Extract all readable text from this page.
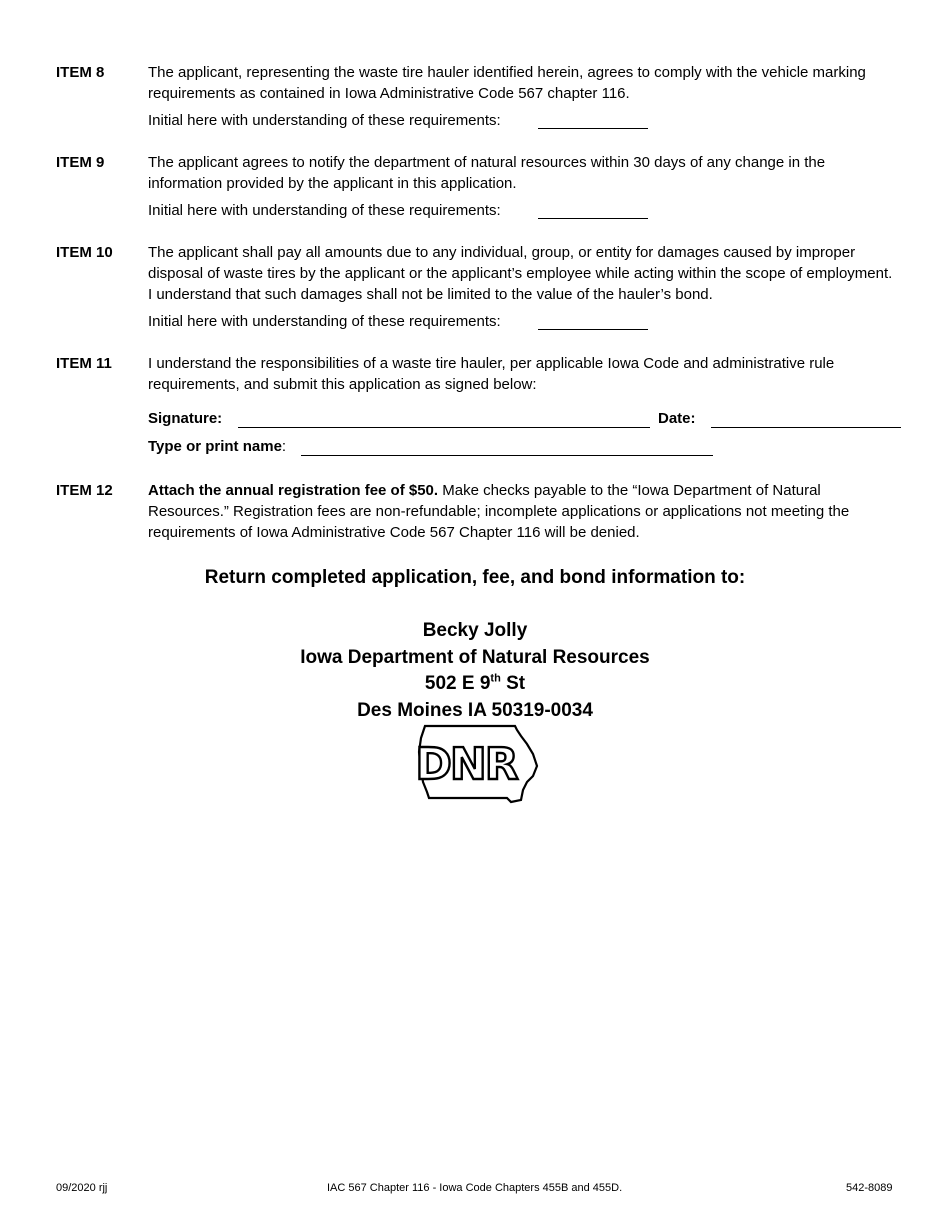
ITEM 8	The applicant, representing the waste tire hauler identified herein, agrees to comply with the vehicle marking requirements as contained in Iowa Administrative Code 567 chapter 116.
Initial here with understanding of these requirements:
ITEM 9	The applicant agrees to notify the department of natural resources within 30 days of any change in the information provided by the applicant in this application.
Initial here with understanding of these requirements:
ITEM 10 The applicant shall pay all amounts due to any individual, group, or entity for damages caused by improper disposal of waste tires by the applicant or the applicant’s employee while acting within the scope of employment. I understand that such damages shall not be limited to the value of the hauler’s bond.
Initial here with understanding of these requirements:
ITEM 11 I understand the responsibilities of a waste tire hauler, per applicable Iowa Code and administrative rule requirements, and submit this application as signed below:
Signature:	Date:
Type or print name:
ITEM 12 Attach the annual registration fee of $50. Make checks payable to the “Iowa Department of Natural Resources.” Registration fees are non-refundable; incomplete applications or applications not meeting the requirements of Iowa Administrative Code 567 Chapter 116 will be denied.
Return completed application, fee, and bond information to:
Becky Jolly
Iowa Department of Natural Resources
502 E 9th St
Des Moines IA 50319-0034
DNR
09/2020 rjj	IAC 567 Chapter 116 - Iowa Code Chapters 455B and 455D.	542-8089
